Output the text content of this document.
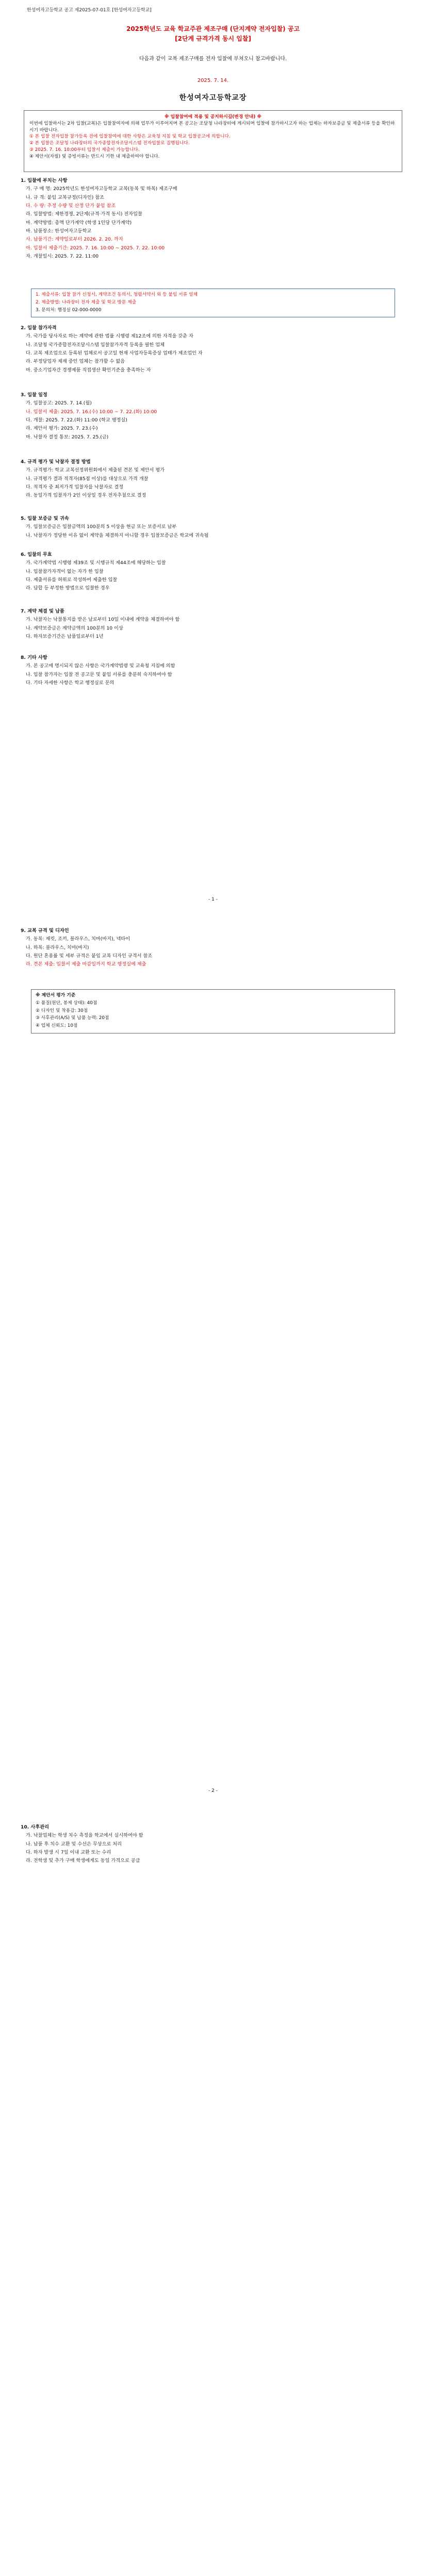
한성여자고등학교 공고 제2025-07-01호 [한성여자고등학교]
2025학년도 교육 학교주관 제조구매 (단지계약 전자입찰) 공고
[2단계 규격가격 동시 입찰]
다음과 같이 교복 제조구매를 전자 입찰에 부쳐오니 참고바랍니다.
2025. 7. 14.
한성여자고등학교장
※ 입찰참여에 적용 및 공지하시길(변경 안내) ※
이번에 입찰하시는 2차 입찰(교복)은 입찰참여자에 의해 업무가 이루어지며 본 공고는 조달청 나라장터에 게시되며 입찰에 참가하시고자 하는 업체는 하자보증금 및 제출서류 등을 확인하시기 바랍니다.
① 본 입찰 전자입찰 참가등록 전에 입찰참여에 대한 사항은 교육청 지침 및 학교 입찰공고에 의합니다.
② 본 입찰은 조달청 나라장터의 국가종합전자조달시스템 전자입찰로 집행됩니다.
③ 2025. 7. 16. 10:00부터 입찰서 제출이 가능합니다.
④ 제안서(자필) 및 증빙서류는 반드시 기한 내 제출하여야 합니다.

1. 입찰에 부치는 사항

가. 구 매 명: 2025학년도 한성여자고등학교 교복(동복 및 하복) 제조구매

나. 규 격: 붙임 교복규정(디자인) 참조

다. 수 량: 추정 수량 및 산정 단가 붙임 참조

라. 입찰방법: 제한경쟁, 2단계(규격·가격 동시) 전자입찰

마. 계약방법: 총액 단가계약 (학생 1인당 단가계약)

바. 납품장소: 한성여자고등학교

사. 납품기간: 계약일로부터 2026. 2. 20. 까지

아. 입찰서 제출기간: 2025. 7. 16. 10:00 ~ 2025. 7. 22. 10:00

자. 개찰일시: 2025. 7. 22. 11:00

1. 제출서류: 입찰 참가 신청서, 계약조건 동의서, 청렴서약서 외 등 붙임 서류 일체

2. 제출방법: 나라장터 전자 제출 및 학교 방문 제출

3. 문의처: 행정실 02-000-0000

2. 입찰 참가자격

가. 국가를 당사자로 하는 계약에 관한 법률 시행령 제12조에 의한 자격을 갖춘 자

나. 조달청 국가종합전자조달시스템 입찰참가자격 등록을 필한 업체

다. 교복 제조업으로 등록된 업체로서 공고일 현재 사업자등록증상 업태가 제조업인 자

라. 부정당업자 제재 중인 업체는 참가할 수 없음

마. 중소기업자간 경쟁제품 직접생산 확인기준을 충족하는 자

3. 입찰 일정

가. 입찰공고: 2025. 7. 14.(월)

나. 입찰서 제출: 2025. 7. 16.(수) 10:00 ~ 7. 22.(화) 10:00

다. 개찰: 2025. 7. 22.(화) 11:00 (학교 행정실)

라. 제안서 평가: 2025. 7. 23.(수)

마. 낙찰자 결정 통보: 2025. 7. 25.(금)

4. 규격 평가 및 낙찰자 결정 방법

가. 규격평가: 학교 교복선정위원회에서 제출된 견본 및 제안서 평가

나. 규격평가 결과 적격자(85점 이상)를 대상으로 가격 개찰

다. 적격자 중 최저가격 입찰자를 낙찰자로 결정

라. 동일가격 입찰자가 2인 이상일 경우 전자추첨으로 결정

5. 입찰 보증금 및 귀속

가. 입찰보증금은 입찰금액의 100분의 5 이상을 현금 또는 보증서로 납부

나. 낙찰자가 정당한 이유 없이 계약을 체결하지 아니할 경우 입찰보증금은 학교에 귀속됨

6. 입찰의 무효

가. 국가계약법 시행령 제39조 및 시행규칙 제44조에 해당하는 입찰

나. 입찰참가자격이 없는 자가 한 입찰

다. 제출서류를 허위로 작성하여 제출한 입찰

라. 담합 등 부정한 방법으로 입찰한 경우

7. 계약 체결 및 납품

가. 낙찰자는 낙찰통지를 받은 날로부터 10일 이내에 계약을 체결하여야 함

나. 계약보증금은 계약금액의 100분의 10 이상

다. 하자보증기간은 납품일로부터 1년

8. 기타 사항

가. 본 공고에 명시되지 않은 사항은 국가계약법령 및 교육청 지침에 의함

나. 입찰 참가자는 입찰 전 공고문 및 붙임 서류를 충분히 숙지하여야 함

다. 기타 자세한 사항은 학교 행정실로 문의

- 1 -

9. 교복 규격 및 디자인

가. 동복: 재킷, 조끼, 블라우스, 치마(바지), 넥타이

나. 하복: 블라우스, 치마(바지)

다. 원단 혼용률 및 세부 규격은 붙임 교복 디자인 규격서 참조

라. 견본 제출: 입찰서 제출 마감일까지 학교 행정실에 제출

※ 제안서 평가 기준

① 품질(원단, 봉제 상태): 40점

② 디자인 및 착용감: 30점

③ 사후관리(A/S) 및 납품 능력: 20점

④ 업체 신뢰도: 10점

- 2 -

10. 사후관리

가. 낙찰업체는 학생 치수 측정을 학교에서 실시하여야 함

나. 납품 후 치수 교환 및 수선은 무상으로 처리

다. 하자 발생 시 7일 이내 교환 또는 수리

라. 전학생 및 추가 구매 학생에게도 동일 가격으로 공급
